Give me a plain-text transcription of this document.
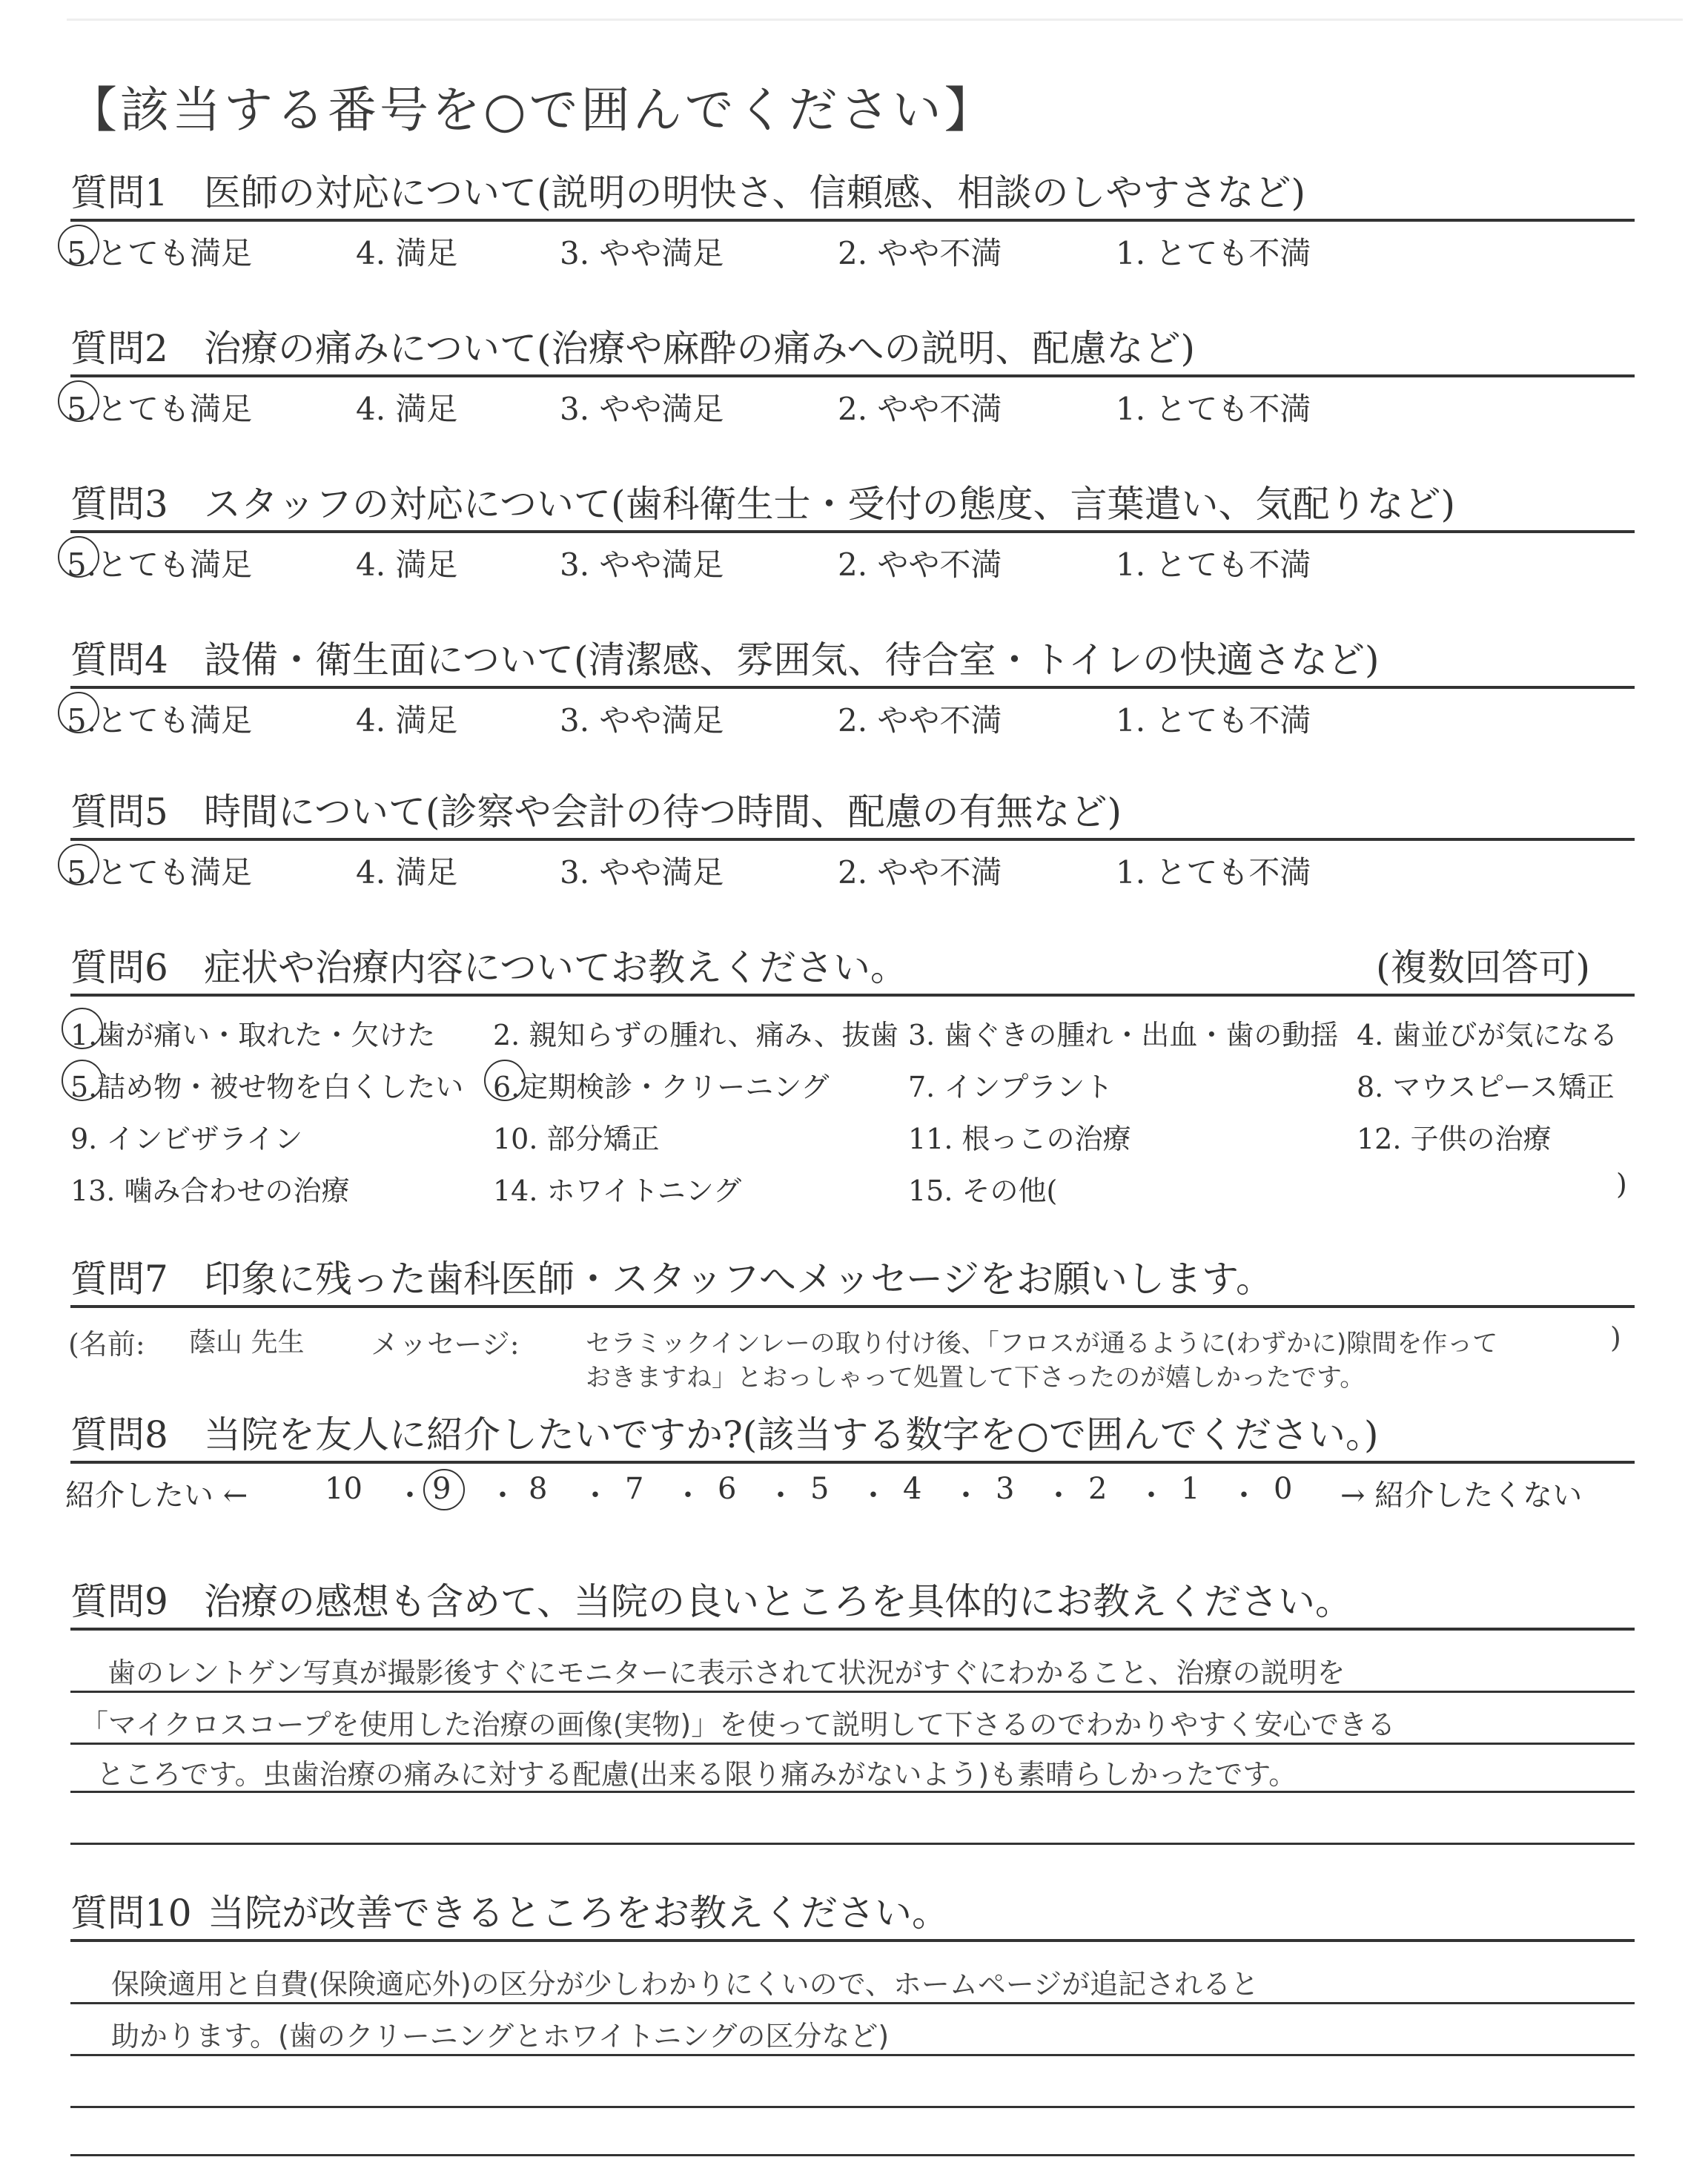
【該当する番号を○で囲んでください】
質問1 医師の対応について(説明の明快さ、信頼感、相談のしやすさなど)
5.とても満足	4. 満足	3. やや満足	2. やや不満	1. とても不満
質問2 治療の痛みについて(治療や麻酔の痛みへの説明、配慮など)
5.とても満足	4. 満足	3. やや満足	2. やや不満	1. とても不満
質問3 スタッフの対応について(歯科衛生士・受付の態度、言葉遣い、気配りなど)
5.とても満足	4. 満足	3. やや満足	2. やや不満	1. とても不満
質問4 設備・衛生面について(清潔感、雰囲気、待合室・トイレの快適さなど)
5.とても満足	4. 満足	3. やや満足	2. やや不満	1. とても不満
質問5 時間について(診察や会計の待つ時間、配慮の有無など)
5.とても満足	4. 満足	3. やや満足	2. やや不満	1. とても不満
質問6 症状や治療内容についてお教えください。	(複数回答可)
1.歯が痛い・取れた・欠けた 2. 親知らずの腫れ、痛み、抜歯 3. 歯ぐきの腫れ・出血・歯の動揺 4. 歯並びが気になる
5.詰め物・被せ物を白くしたい 6.定期検診・クリーニング	7. インプラント	8. マウスピース矯正
9. インビザライン	10. 部分矯正	11. 根っこの治療	12. 子供の治療
13. 噛み合わせの治療	14. ホワイトニング	15. その他(	)
質問7 印象に残った歯科医師・スタッフへメッセージをお願いします。
(名前: 蔭山 先生 メッセージ:	セラミックインレーの取り付け後、「フロスが通るように(わずかに)隙間を作って
おきますね」とおっしゃって処置して下さったのが嬉しかったです。
)
質問8 当院を友人に紹介したいですか?(該当する数字を○で囲んでください。)
紹介したい ←	10 ・ 9 ・ 8 ・ 7 ・ 6 ・ 5 ・ 4 ・ 3 ・ 2 ・ 1 ・ 0 → 紹介したくない
質問9 治療の感想も含めて、当院の良いところを具体的にお教えください。
歯のレントゲン写真が撮影後すぐにモニターに表示されて状況がすぐにわかること、治療の説明を
「マイクロスコープを使用した治療の画像(実物)」を使って説明して下さるのでわかりやすく安心できる
ところです。虫歯治療の痛みに対する配慮(出来る限り痛みがないよう)も素晴らしかったです。
質問10 当院が改善できるところをお教えください。
保険適用と自費(保険適応外)の区分が少しわかりにくいので、ホームページが追記されると
助かります。(歯のクリーニングとホワイトニングの区分など)
